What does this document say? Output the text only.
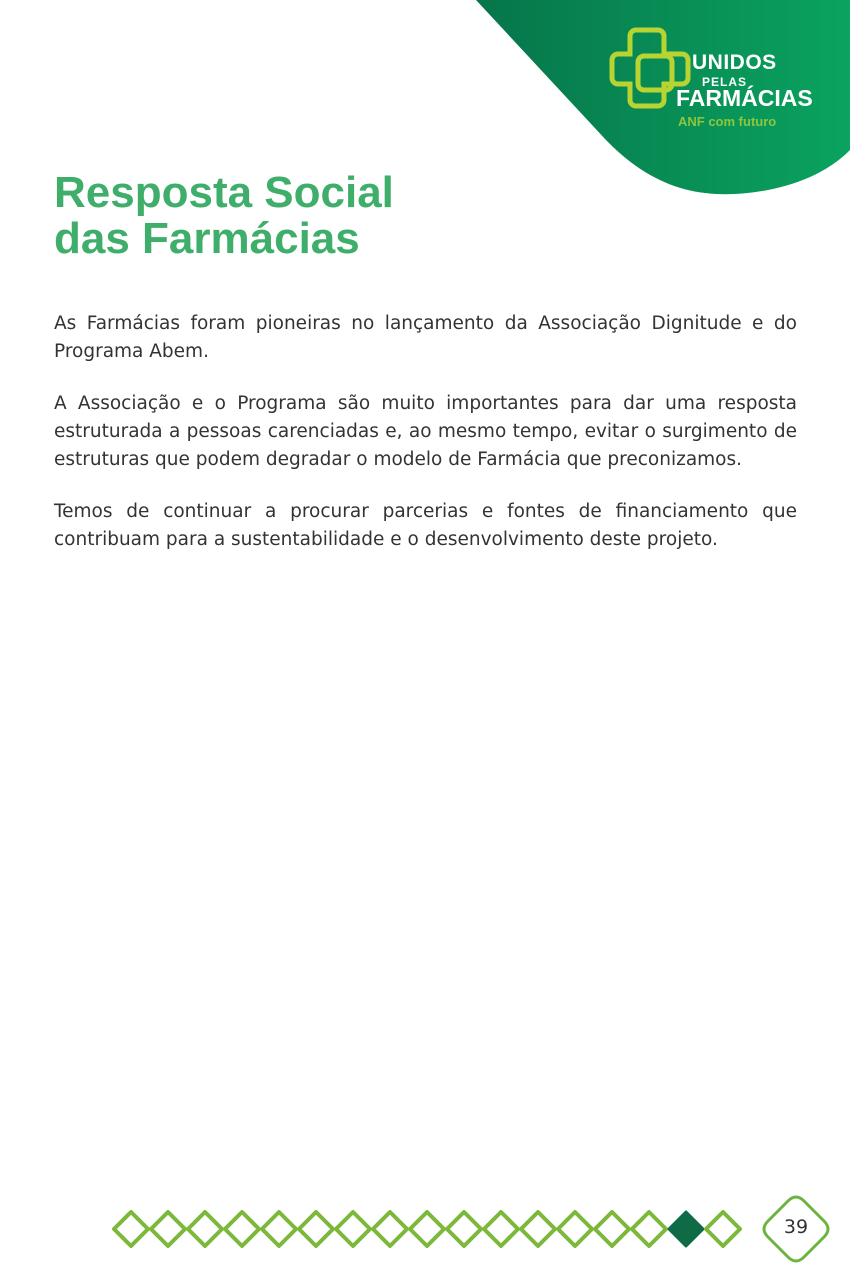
UNIDOS
PELAS
FARMÁCIAS
ANF com futuro
Resposta Social
das Farmácias

As Farmácias foram pioneiras no lançamento da Associação Dignitude e do Programa Abem.

A Associação e o Programa são muito importantes para dar uma resposta estruturada a pessoas carenciadas e, ao mesmo tempo, evitar o surgimento de estruturas que podem degradar o modelo de Farmácia que preconizamos.

Temos de continuar a procurar parcerias e fontes de financiamento que contribuam para a sustentabilidade e o desenvolvimento deste projeto.

39
